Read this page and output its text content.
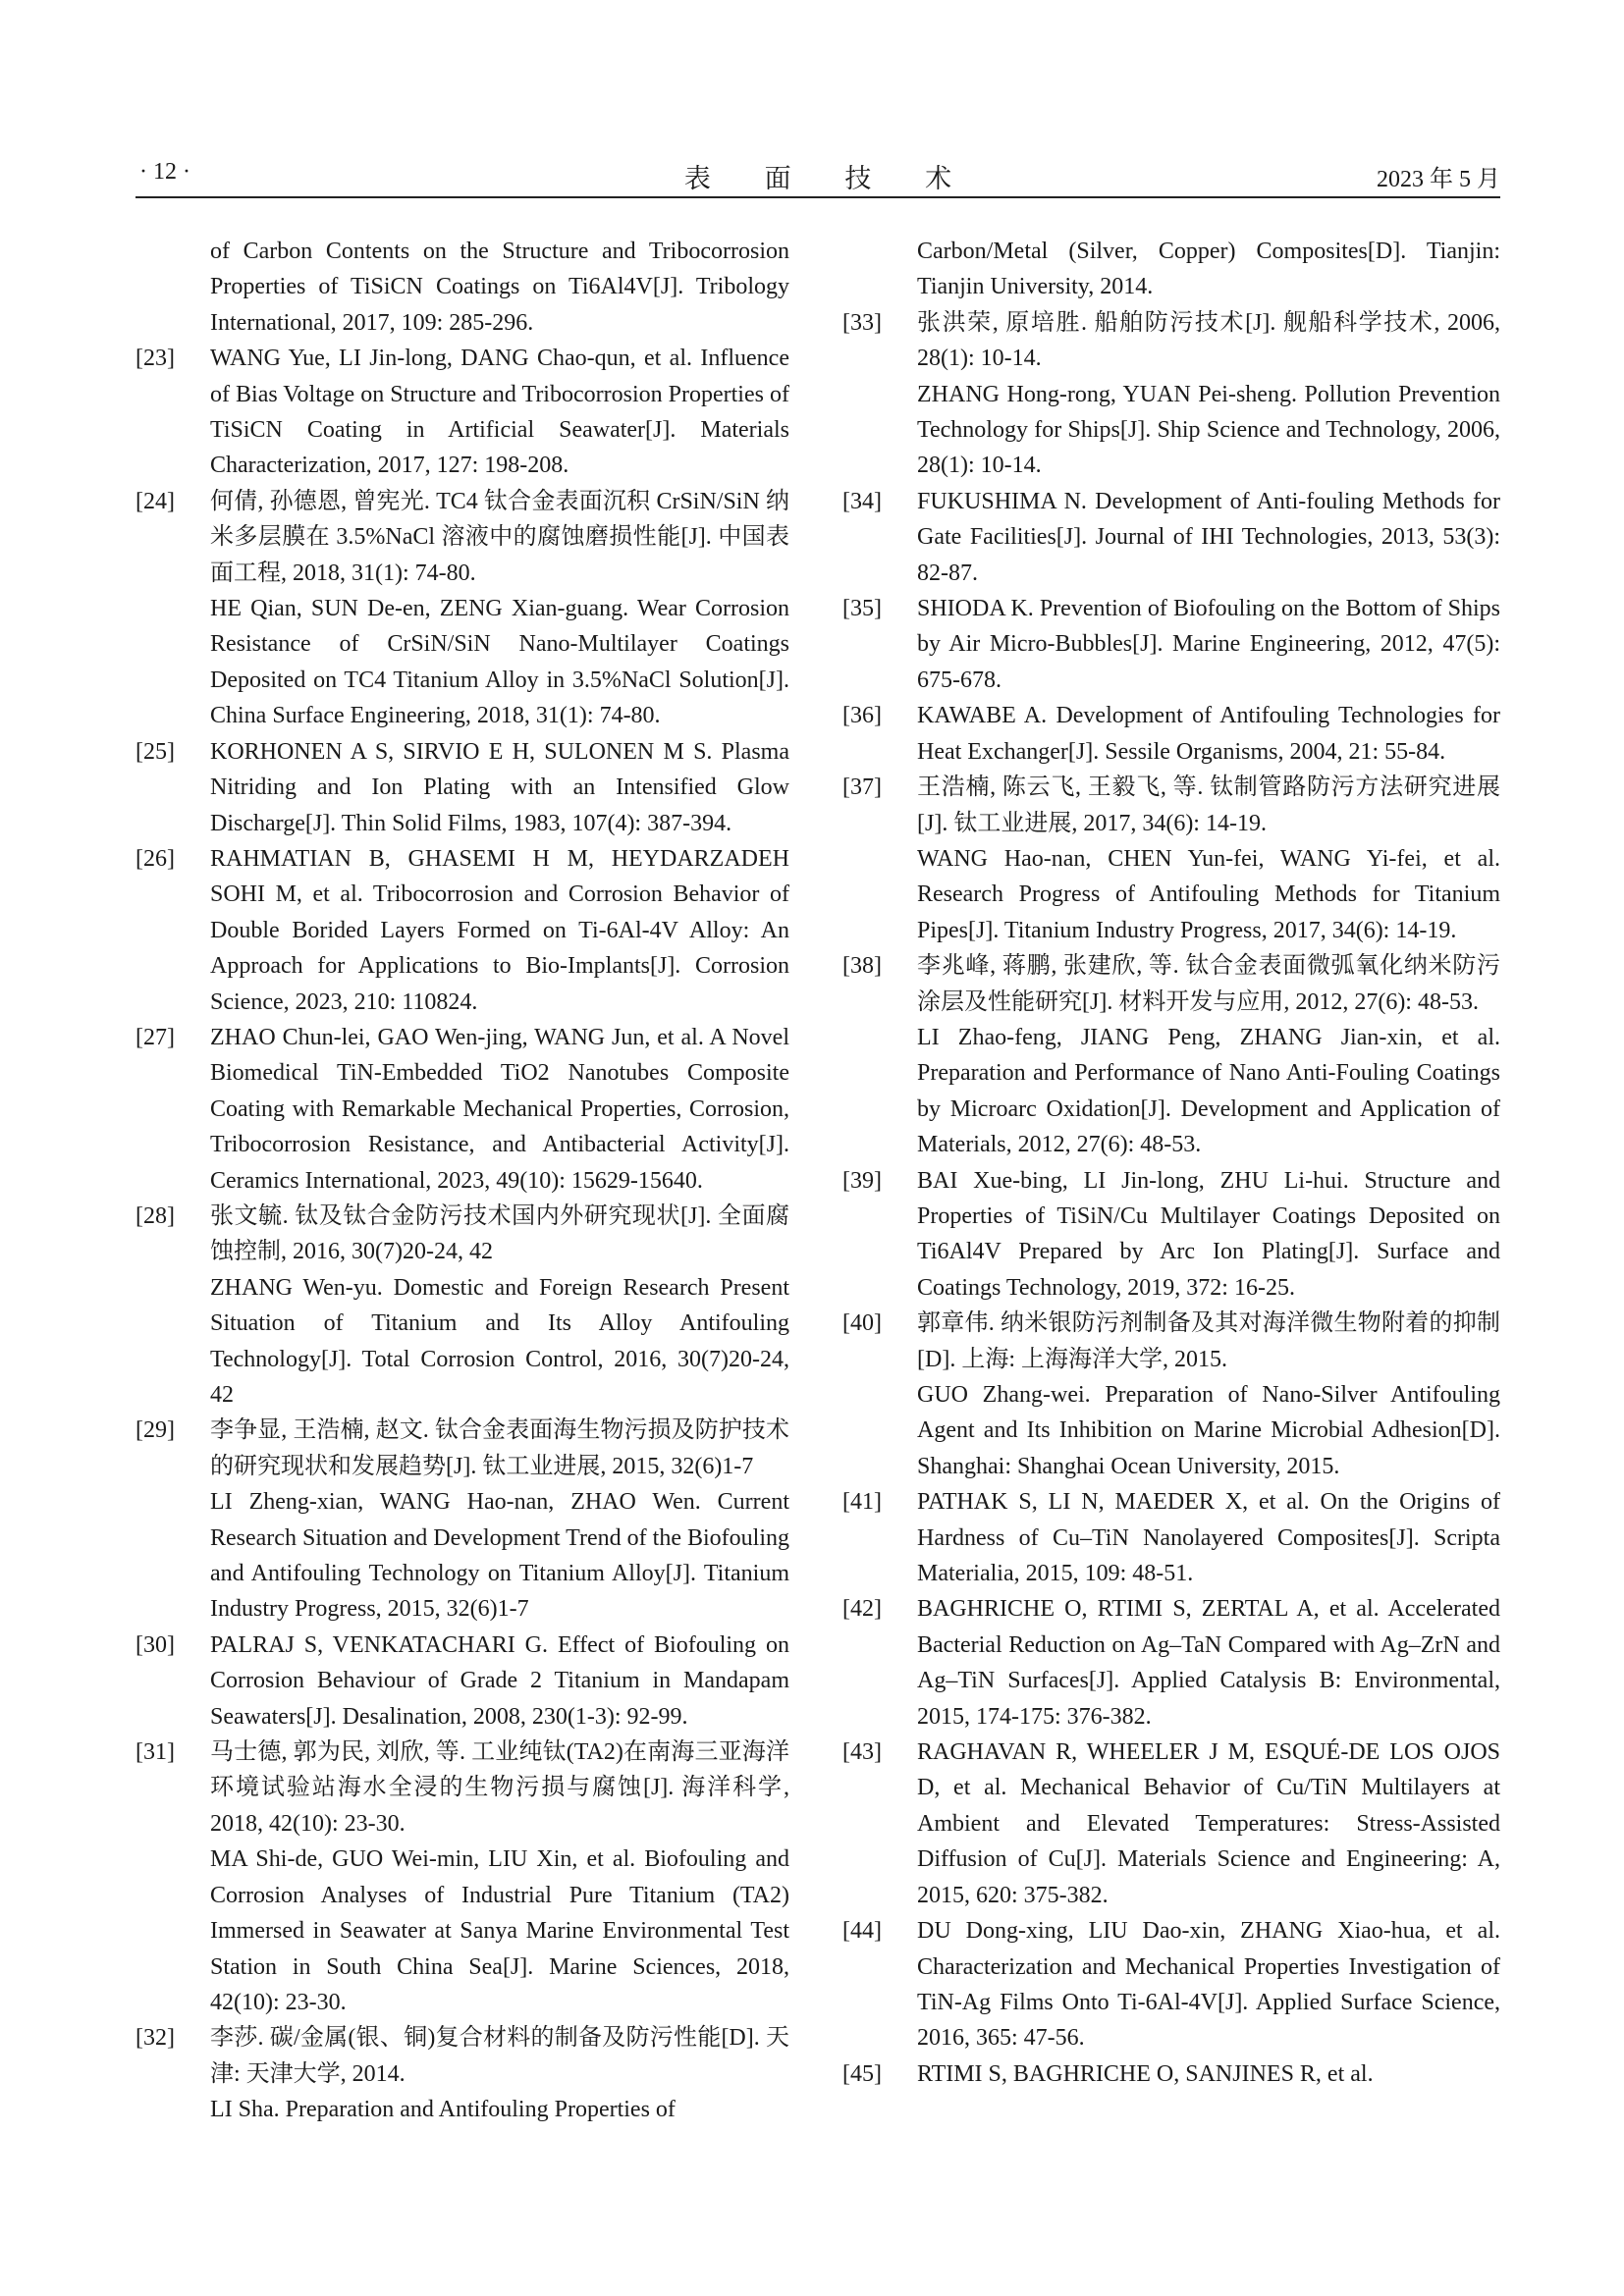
· 12 ·	表 面 技 术	2023 年 5 月
of Carbon Contents on the Structure and Tribocorrosion Properties of TiSiCN Coatings on Ti6Al4V[J]. Tribology International, 2017, 109: 285-296.
[23]	WANG Yue, LI Jin-long, DANG Chao-qun, et al. Influence of Bias Voltage on Structure and Tribocorrosion Properties of TiSiCN Coating in Artificial Seawater[J]. Materials Characterization, 2017, 127: 198-208.

[24]	何倩, 孙德恩, 曾宪光. TC4 钛合金表面沉积 CrSiN/SiN 纳米多层膜在 3.5%NaCl 溶液中的腐蚀磨损性能[J]. 中国表面工程, 2018, 31(1): 74-80.

HE Qian, SUN De-en, ZENG Xian-guang. Wear Corrosion Resistance of CrSiN/SiN Nano-Multilayer Coatings Deposited on TC4 Titanium Alloy in 3.5%NaCl Solution[J]. China Surface Engineering, 2018, 31(1): 74-80.

[25]	KORHONEN A S, SIRVIO E H, SULONEN M S. Plasma Nitriding and Ion Plating with an Intensified Glow Discharge[J]. Thin Solid Films, 1983, 107(4): 387-394.

[26]	RAHMATIAN B, GHASEMI H M, HEYDARZADEH SOHI M, et al. Tribocorrosion and Corrosion Behavior of Double Borided Layers Formed on Ti-6Al-4V Alloy: An Approach for Applications to Bio-Implants[J]. Corrosion Science, 2023, 210: 110824.

[27]	ZHAO Chun-lei, GAO Wen-jing, WANG Jun, et al. A Novel Biomedical TiN-Embedded TiO2 Nanotubes Composite Coating with Remarkable Mechanical Properties, Corrosion, Tribocorrosion Resistance, and Antibacterial Activity[J]. Ceramics International, 2023, 49(10): 15629-15640.

[28]	张文毓. 钛及钛合金防污技术国内外研究现状[J]. 全面腐蚀控制, 2016, 30(7)20-24, 42

ZHANG Wen-yu. Domestic and Foreign Research Present Situation of Titanium and Its Alloy Antifouling Technology[J]. Total Corrosion Control, 2016, 30(7)20-24, 42

[29]	李争显, 王浩楠, 赵文. 钛合金表面海生物污损及防护技术的研究现状和发展趋势[J]. 钛工业进展, 2015, 32(6)1-7

LI Zheng-xian, WANG Hao-nan, ZHAO Wen. Current Research Situation and Development Trend of the Biofouling and Antifouling Technology on Titanium Alloy[J]. Titanium Industry Progress, 2015, 32(6)1-7

[30]	PALRAJ S, VENKATACHARI G. Effect of Biofouling on Corrosion Behaviour of Grade 2 Titanium in Mandapam Seawaters[J]. Desalination, 2008, 230(1-3): 92-99.

[31]	马士德, 郭为民, 刘欣, 等. 工业纯钛(TA2)在南海三亚海洋环境试验站海水全浸的生物污损与腐蚀[J]. 海洋科学, 2018, 42(10): 23-30.

MA Shi-de, GUO Wei-min, LIU Xin, et al. Biofouling and Corrosion Analyses of Industrial Pure Titanium (TA2) Immersed in Seawater at Sanya Marine Environmental Test Station in South China Sea[J]. Marine Sciences, 2018, 42(10): 23-30.

[32]	李莎. 碳/金属(银、铜)复合材料的制备及防污性能[D]. 天津: 天津大学, 2014.

LI Sha. Preparation and Antifouling Properties of

Carbon/Metal (Silver, Copper) Composites[D]. Tianjin: Tianjin University, 2014.
[33]	张洪荣, 原培胜. 船舶防污技术[J]. 舰船科学技术, 2006, 28(1): 10-14.

ZHANG Hong-rong, YUAN Pei-sheng. Pollution Prevention Technology for Ships[J]. Ship Science and Technology, 2006, 28(1): 10-14.

[34]	FUKUSHIMA N. Development of Anti-fouling Methods for Gate Facilities[J]. Journal of IHI Technologies, 2013, 53(3): 82-87.

[35]	SHIODA K. Prevention of Biofouling on the Bottom of Ships by Air Micro-Bubbles[J]. Marine Engineering, 2012, 47(5): 675-678.

[36]	KAWABE A. Development of Antifouling Technologies for Heat Exchanger[J]. Sessile Organisms, 2004, 21: 55-84.

[37]	王浩楠, 陈云飞, 王毅飞, 等. 钛制管路防污方法研究进展[J]. 钛工业进展, 2017, 34(6): 14-19.

WANG Hao-nan, CHEN Yun-fei, WANG Yi-fei, et al. Research Progress of Antifouling Methods for Titanium Pipes[J]. Titanium Industry Progress, 2017, 34(6): 14-19.

[38]	李兆峰, 蒋鹏, 张建欣, 等. 钛合金表面微弧氧化纳米防污涂层及性能研究[J]. 材料开发与应用, 2012, 27(6): 48-53.

LI Zhao-feng, JIANG Peng, ZHANG Jian-xin, et al. Preparation and Performance of Nano Anti-Fouling Coatings by Microarc Oxidation[J]. Development and Application of Materials, 2012, 27(6): 48-53.

[39]	BAI Xue-bing, LI Jin-long, ZHU Li-hui. Structure and Properties of TiSiN/Cu Multilayer Coatings Deposited on Ti6Al4V Prepared by Arc Ion Plating[J]. Surface and Coatings Technology, 2019, 372: 16-25.

[40]	郭章伟. 纳米银防污剂制备及其对海洋微生物附着的抑制[D]. 上海: 上海海洋大学, 2015.

GUO Zhang-wei. Preparation of Nano-Silver Antifouling Agent and Its Inhibition on Marine Microbial Adhesion[D]. Shanghai: Shanghai Ocean University, 2015.

[41]	PATHAK S, LI N, MAEDER X, et al. On the Origins of Hardness of Cu–TiN Nanolayered Composites[J]. Scripta Materialia, 2015, 109: 48-51.

[42]	BAGHRICHE O, RTIMI S, ZERTAL A, et al. Accelerated Bacterial Reduction on Ag–TaN Compared with Ag–ZrN and Ag–TiN Surfaces[J]. Applied Catalysis B: Environmental, 2015, 174-175: 376-382.

[43]	RAGHAVAN R, WHEELER J M, ESQUÉ-DE LOS OJOS D, et al. Mechanical Behavior of Cu/TiN Multilayers at Ambient and Elevated Temperatures: Stress-Assisted Diffusion of Cu[J]. Materials Science and Engineering: A, 2015, 620: 375-382.

[44]	DU Dong-xing, LIU Dao-xin, ZHANG Xiao-hua, et al. Characterization and Mechanical Properties Investigation of TiN-Ag Films Onto Ti-6Al-4V[J]. Applied Surface Science, 2016, 365: 47-56.

[45]	RTIMI S, BAGHRICHE O, SANJINES R, et al.
